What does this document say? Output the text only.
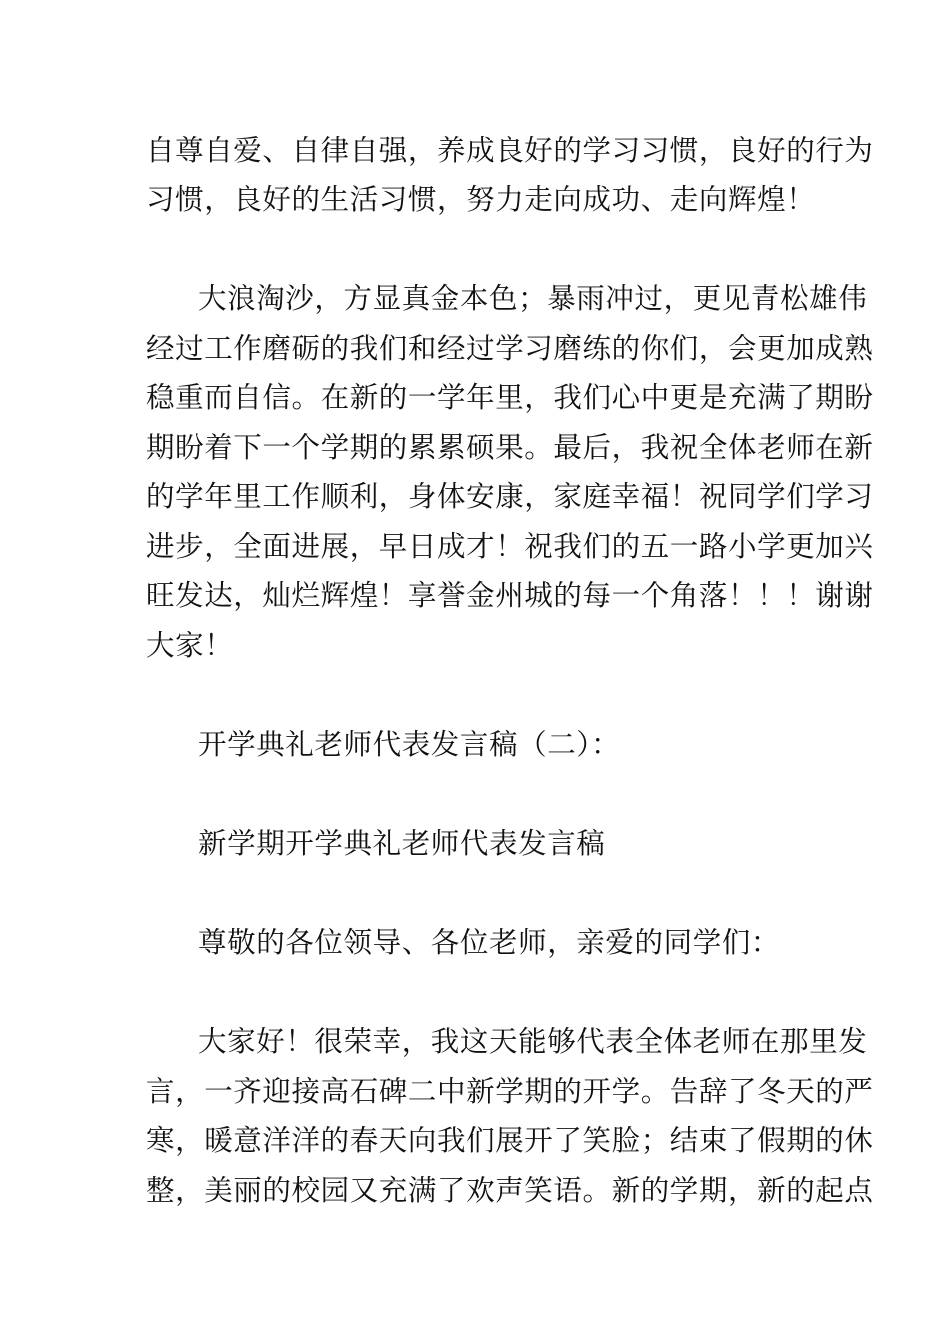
自尊自爱、自律自强，养成良好的学习习惯，良好的行为
习惯，良好的生活习惯，努力走向成功、走向辉煌！
大浪淘沙，方显真金本色；暴雨冲过，更见青松雄伟
经过工作磨砺的我们和经过学习磨练的你们，会更加成熟
稳重而自信。在新的一学年里，我们心中更是充满了期盼
期盼着下一个学期的累累硕果。最后，我祝全体老师在新
的学年里工作顺利，身体安康，家庭幸福！祝同学们学习
进步，全面进展，早日成才！祝我们的五一路小学更加兴
旺发达，灿烂辉煌！享誉金州城的每一个角落！！！谢谢
大家！
开学典礼老师代表发言稿（二）：
新学期开学典礼老师代表发言稿
尊敬的各位领导、各位老师，亲爱的同学们：
大家好！很荣幸，我这天能够代表全体老师在那里发
言，一齐迎接高石碑二中新学期的开学。告辞了冬天的严
寒，暖意洋洋的春天向我们展开了笑脸；结束了假期的休
整，美丽的校园又充满了欢声笑语。新的学期，新的起点
